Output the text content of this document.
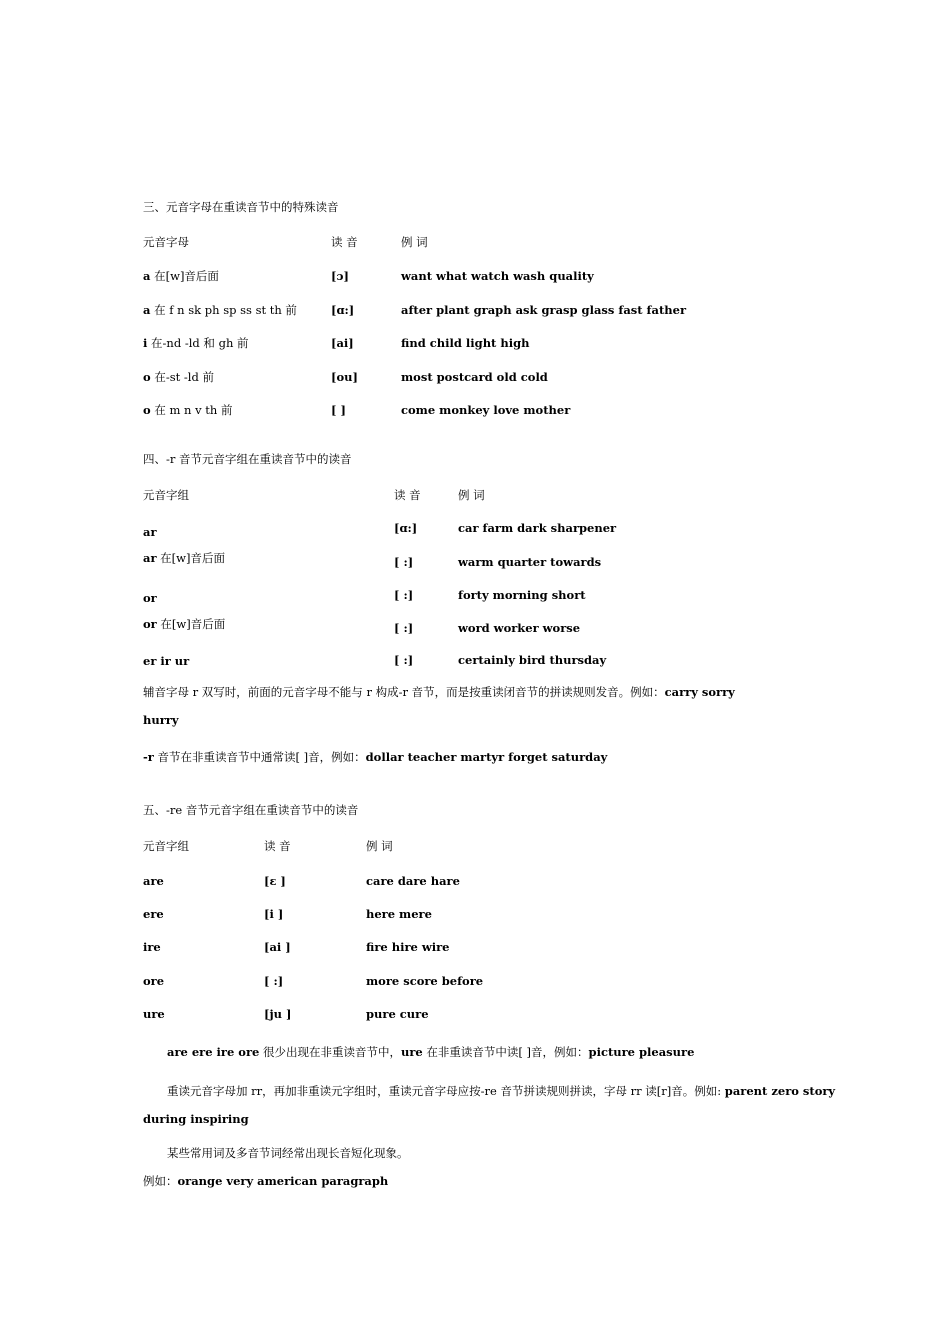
三、元音字母在重读音节中的特殊读音
元音字母	读 音	例 词
a 在[w]音后面	[ɔ]	want what watch wash quality
a 在 f n sk ph sp ss st th 前	[ɑ:]	after plant graph ask grasp glass fast father
i 在-nd -ld 和 gh 前	[ai]	find child light high
o 在-st -ld 前	[ou]	most postcard old cold
o 在 m n v th 前	[ ]	come monkey love mother
四、-r 音节元音字组在重读音节中的读音
元音字组	读 音	例 词
ar	[ɑ:]	car farm dark sharpener
ar 在[w]音后面	[ :]	warm quarter towards
or	[ :]	forty morning short
or 在[w]音后面	[ :]	word worker worse
er ir ur	[ :]	certainly bird thursday
辅音字母 r 双写时，前面的元音字母不能与 r 构成-r 音节，而是按重读闭音节的拼读规则发音。例如：carry sorry
hurry
-r 音节在非重读音节中通常读[ ]音，例如：dollar teacher martyr forget saturday
五、-re 音节元音字组在重读音节中的读音
元音字组	读 音	例 词
are	[ɛ ]	care dare hare
ere	[i ]	here mere
ire	[ai ]	fire hire wire
ore	[ :]	more score before
ure	[ju ]	pure cure
are ere ire ore 很少出现在非重读音节中，ure 在非重读音节中读[ ]音，例如：picture pleasure
重读元音字母加 rr，再加非重读元字组时，重读元音字母应按-re 音节拼读规则拼读，字母 rr 读[r]音。例如: parent zero story
during inspiring
某些常用词及多音节词经常出现长音短化现象。
例如：orange very american paragraph
